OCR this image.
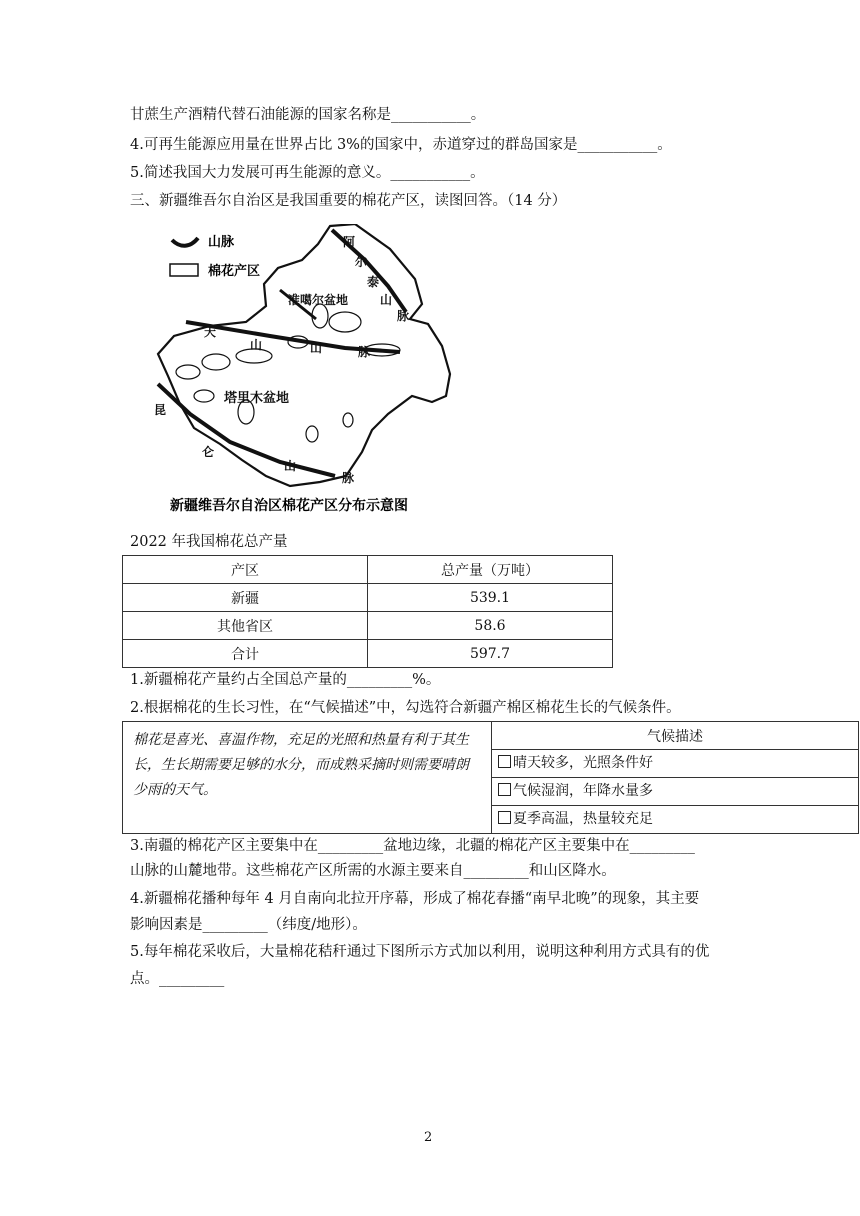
甘蔗生产酒精代替石油能源的国家名称是___________。
4.可再生能源应用量在世界占比 3%的国家中，赤道穿过的群岛国家是___________。
5.简述我国大力发展可再生能源的意义。___________。
三、新疆维吾尔自治区是我国重要的棉花产区，读图回答。（14 分）
山脉
棉花产区
阿
尔
泰
山
脉
准噶尔盆地
天
山	山	脉
塔里木盆地
昆
仑
山
脉
新疆维吾尔自治区棉花产区分布示意图
2022 年我国棉花总产量
产区	总产量（万吨）
新疆	539.1
其他省区	58.6
合计	597.7
1.新疆棉花产量约占全国总产量的_________%。
2.根据棉花的生长习性，在“气候描述”中，勾选符合新疆产棉区棉花生长的气候条件。
棉花是喜光、喜温作物，充足的光照和热量有利于其生长，生长期需要足够的水分，而成熟采摘时则需要晴朗少雨的天气。	气候描述
晴天较多，光照条件好
气候湿润，年降水量多
夏季高温，热量较充足
3.南疆的棉花产区主要集中在_________盆地边缘，北疆的棉花产区主要集中在_________
山脉的山麓地带。这些棉花产区所需的水源主要来自_________和山区降水。
4.新疆棉花播种每年 4 月自南向北拉开序幕，形成了棉花春播“南早北晚”的现象，其主要
影响因素是_________（纬度/地形）。
5.每年棉花采收后，大量棉花秸秆通过下图所示方式加以利用，说明这种利用方式具有的优
点。_________
2
